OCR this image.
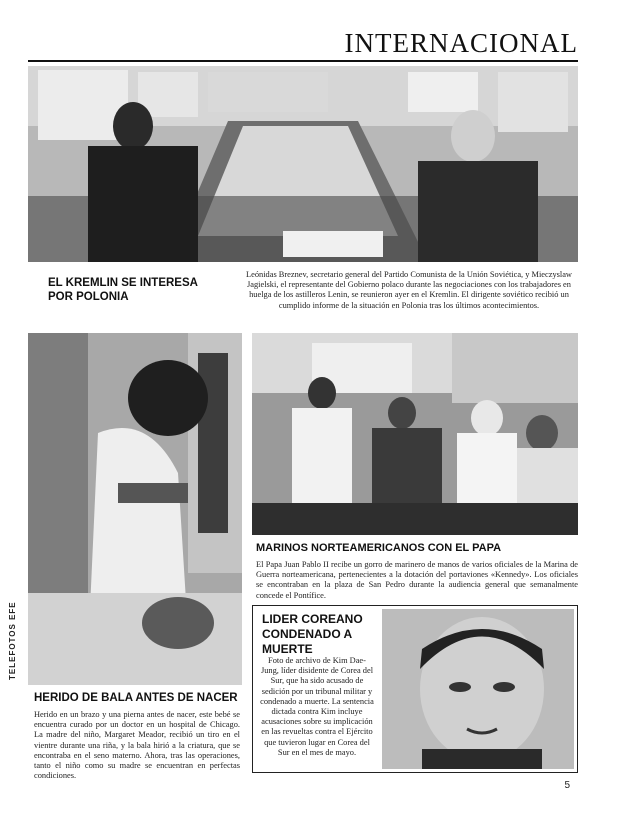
INTERNACIONAL
EL KREMLIN SE INTERESA POR POLONIA
Leónidas Breznev, secretario general del Partido Comunista de la Unión Soviética, y Mieczyslaw Jagielski, el representante del Gobierno polaco durante las negociaciones con los trabajadores en huelga de los astilleros Lenin, se reunieron ayer en el Kremlin. El dirigente soviético recibió un cumplido informe de la situación en Polonia tras los últimos acontecimientos.
MARINOS NORTEAMERICANOS CON EL PAPA
El Papa Juan Pablo II recibe un gorro de marinero de manos de varios oficiales de la Marina de Guerra norteamericana, pertenecientes a la dotación del portaviones «Kennedy». Los oficiales se encontraban en la plaza de San Pedro durante la audiencia general que semanalmente concede el Pontífice.
LIDER COREANO CONDENADO A MUERTE
Foto de archivo de Kim Dae-Jung, líder disidente de Corea del Sur, que ha sido acusado de sedición por un tribunal militar y condenado a muerte. La sentencia dictada contra Kim incluye acusaciones sobre su implicación en las revueltas contra el Ejército que tuvieron lugar en Corea del Sur en el mes de mayo.
HERIDO DE BALA ANTES DE NACER
Herido en un brazo y una pierna antes de nacer, este bebé se encuentra curado por un doctor en un hospital de Chicago. La madre del niño, Margaret Meador, recibió un tiro en el vientre durante una riña, y la bala hirió a la criatura, que se encontraba en el seno materno. Ahora, tras las operaciones, tanto el niño como su madre se encuentran en perfectas condiciones.
TELEFOTOS EFE
5
